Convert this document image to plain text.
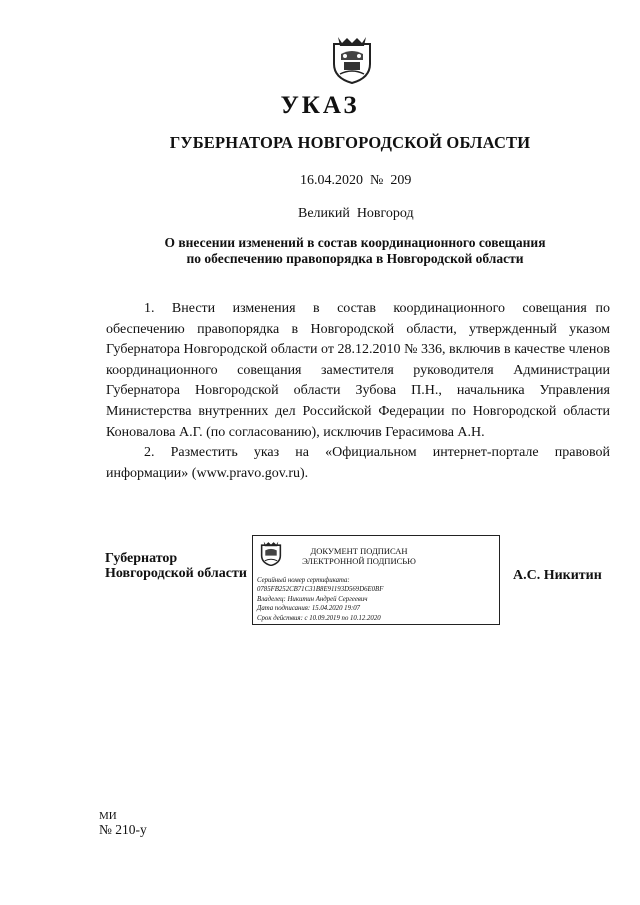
УКАЗ
ГУБЕРНАТОРА НОВГОРОДСКОЙ ОБЛАСТИ
16.04.2020 № 209
Великий  Новгород
О внесении изменений в состав координационного совещания
по обеспечению правопорядка в Новгородской области

1.  Внести  изменения  в  состав  координационного  совещания по обеспечению правопорядка в Новгородской области, утвержденный указом Губернатора Новгородской области от 28.12.2010 № 336, включив в качестве членов координационного совещания заместителя руководителя Администрации Губернатора Новгородской области Зубова П.Н., начальника Управления Министерства внутренних дел Российской Федерации по Новгородской области Коновалова А.Г. (по согласованию), исключив Герасимова А.Н.

2. Разместить указ на «Официальном интернет-портале правовой информации» (www.pravo.gov.ru).

Губернатор
Новгородской области
ДОКУМЕНТ ПОДПИСАН
ЭЛЕКТРОННОЙ ПОДПИСЬЮ
Серийный номер сертификата:
0785FB252CB71C31B8E91193D569D6E0BF
Владелец: Никитин Андрей Сергеевич
Дата подписания: 15.04.2020 19:07
Срок действия: с 10.09.2019 по 10.12.2020
А.С. Никитин
МИ
№ 210-у
